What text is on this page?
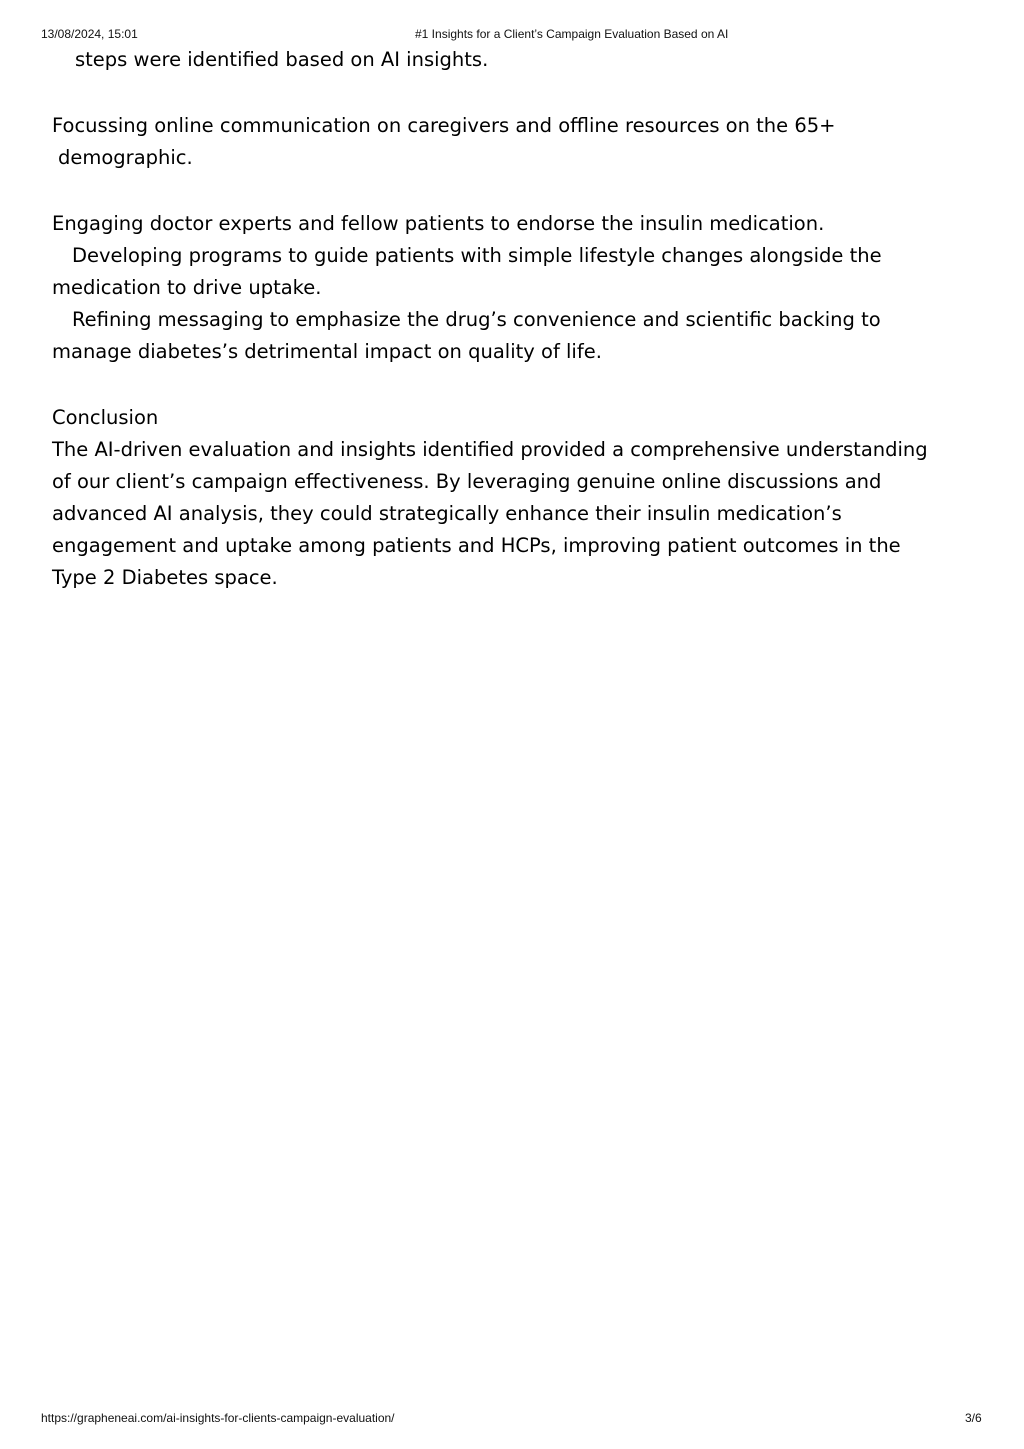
13/08/2024, 15:01	#1 Insights for a Client’s Campaign Evaluation Based on AI

steps were identified based on AI insights.

Focussing online communication on caregivers and offline resources on the 65+

demographic.

Engaging doctor experts and fellow patients to endorse the insulin medication.

Developing programs to guide patients with simple lifestyle changes alongside the

medication to drive uptake.

Refining messaging to emphasize the drug’s convenience and scientific backing to

manage diabetes’s detrimental impact on quality of life.

Conclusion

The AI-driven evaluation and insights identified provided a comprehensive understanding

of our client’s campaign effectiveness. By leveraging genuine online discussions and

advanced AI analysis, they could strategically enhance their insulin medication’s

engagement and uptake among patients and HCPs, improving patient outcomes in the

Type 2 Diabetes space.

https://grapheneai.com/ai-insights-for-clients-campaign-evaluation/	3/6
